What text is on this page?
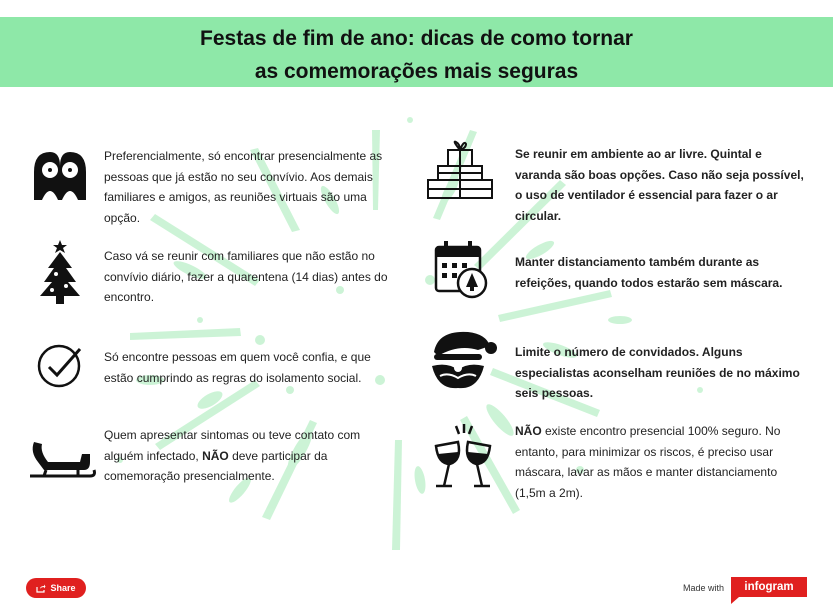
Festas de fim de ano: dicas de como tornar
as comemorações mais seguras
Preferencialmente, só encontrar presencialmente as pessoas que já estão no seu convívio. Aos demais familiares e amigos, as reuniões virtuais são uma opção.
Caso vá se reunir com familiares que não estão no convívio diário, fazer a quarentena (14 dias) antes do encontro.
Só encontre pessoas em quem você confia, e que estão cumprindo as regras do isolamento social.
Quem apresentar sintomas ou teve contato com alguém infectado, NÃO deve participar da comemoração presencialmente.
Se reunir em ambiente ao ar livre. Quintal e varanda são boas opções. Caso não seja possível, o uso de ventilador é essencial para fazer o ar circular.
Manter distanciamento também durante as refeições, quando todos estarão sem máscara.
Limite o número de convidados. Alguns especialistas aconselham reuniões de no máximo seis pessoas.
NÃO existe encontro presencial 100% seguro. No entanto, para minimizar os riscos, é preciso usar máscara, lavar as mãos e manter distanciamento (1,5m a 2m).
Share	Made with	infogram
